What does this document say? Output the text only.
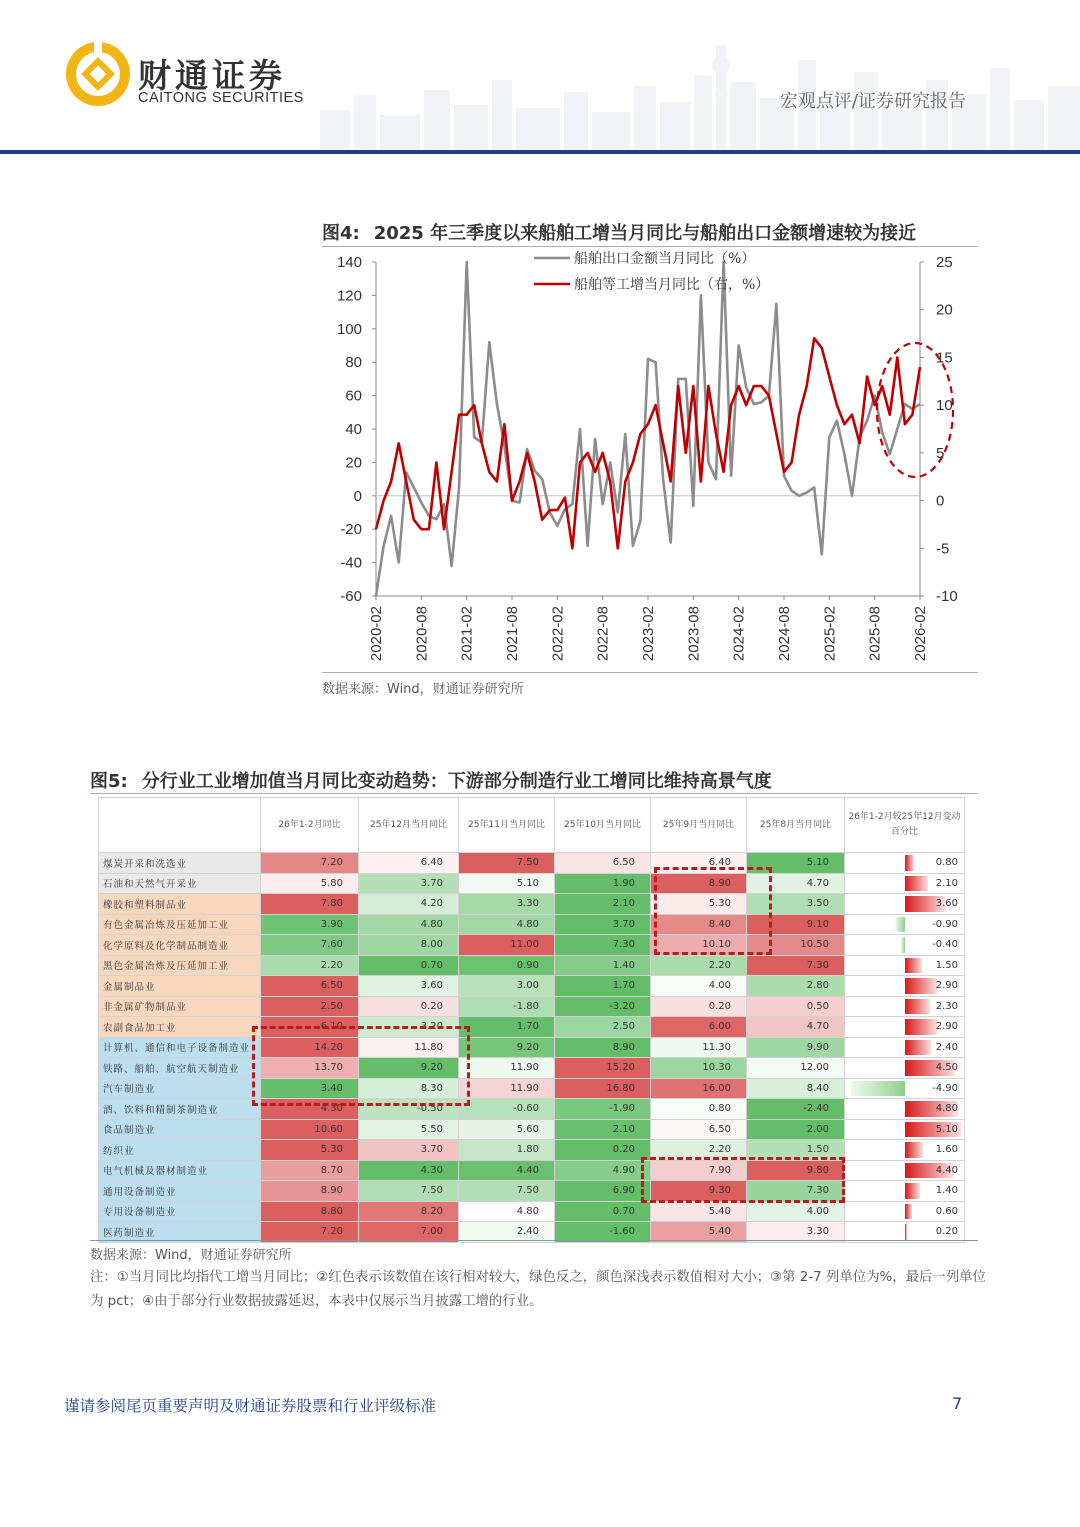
财通证券
CAITONG SECURITIES	宏观点评/证券研究报告
图4: 2025 年三季度以来船舶工增当月同比与船舶出口金额增速较为接近
140
120
100
80
60
40
20
0
-20
-40
-60
25
20
15
10
5
0
-5
-10
2020-02 2020-08 2021-02 2021-08 2022-02 2022-08 2023-02 2023-08 2024-02 2024-08 2025-02 2025-08 2026-02
船舶出口金额当月同比（%）
船舶等工增当月同比（右，%）
数据来源：Wind，财通证券研究所
图5: 分行业工业增加值当月同比变动趋势：下游部分制造行业工增同比维持高景气度
	26年1-2月同比	25年12月当月同比	25年11月当月同比	25年10月当月同比	25年9月当月同比	25年8月当月同比	26年1-2月较25年12月变动百分比
煤炭开采和洗选业	7.20	6.40	7.50	6.50	6.40	5.10	0.80
石油和天然气开采业	5.80	3.70	5.10	1.90	8.90	4.70	2.10
橡胶和塑料制品业	7.80	4.20	3.30	2.10	5.30	3.50	3.60
有色金属冶炼及压延加工业	3.90	4.80	4.80	3.70	8.40	9.10	-0.90
化学原料及化学制品制造业	7.60	8.00	11.00	7.30	10.10	10.50	-0.40
黑色金属冶炼及压延加工业	2.20	0.70	0.90	1.40	2.20	7.30	1.50
金属制品业	6.50	3.60	3.00	1.70	4.00	2.80	2.90
非金属矿物制品业	2.50	0.20	-1.80	-3.20	0.20	0.50	2.30
农副食品加工业	6.10	3.20	1.70	2.50	6.00	4.70	2.90
计算机、通信和电子设备制造业	14.20	11.80	9.20	8.90	11.30	9.90	2.40
铁路、船舶、航空航天制造业	13.70	9.20	11.90	15.20	10.30	12.00	4.50
汽车制造业	3.40	8.30	11.90	16.80	16.00	8.40	-4.90
酒、饮料和精制茶制造业	4.30	-0.50	-0.60	-1.90	0.80	-2.40	4.80
食品制造业	10.60	5.50	5.60	2.10	6.50	2.00	5.10
纺织业	5.30	3.70	1.80	0.20	2.20	1.50	1.60
电气机械及器材制造业	8.70	4.30	4.40	4.90	7.90	9.80	4.40
通用设备制造业	8.90	7.50	7.50	6.90	9.30	7.30	1.40
专用设备制造业	8.80	8.20	4.80	0.70	5.40	4.00	0.60
医药制造业	7.20	7.00	2.40	-1.60	5.40	3.30	0.20
数据来源：Wind，财通证券研究所
注：①当月同比均指代工增当月同比；②红色表示该数值在该行相对较大，绿色反之，颜色深浅表示数值相对大小；③第 2-7 列单位为%，最后一列单位为 pct；④由于部分行业数据披露延迟，本表中仅展示当月披露工增的行业。
谨请参阅尾页重要声明及财通证券股票和行业评级标准	7
